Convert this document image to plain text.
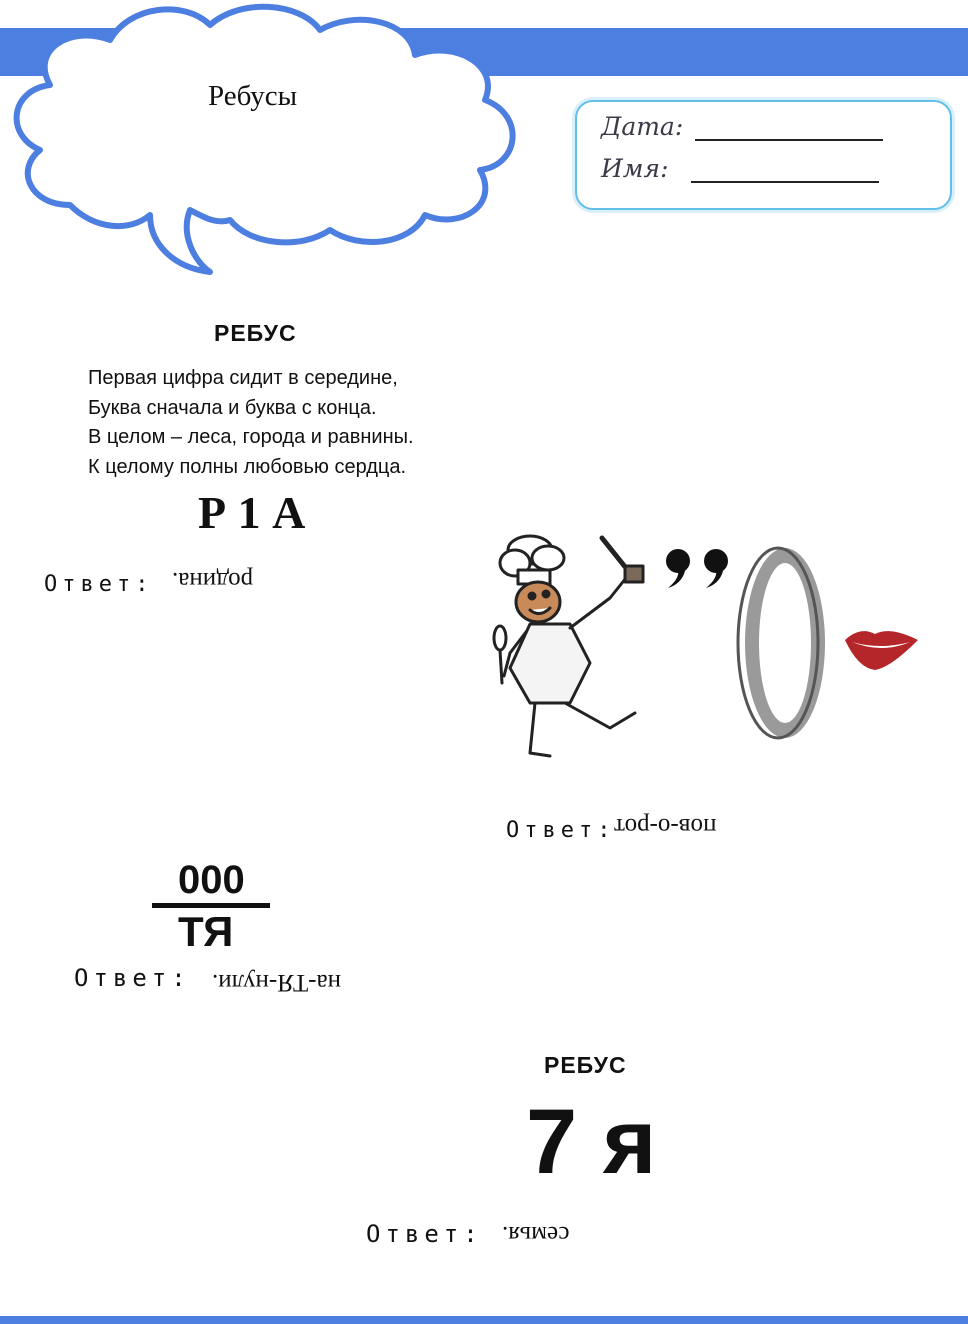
Ребусы
Дата:
Имя:
РЕБУС
Первая цифра сидит в середине,
Буква сначала и буква с конца.
В целом – леса, города и равнины.
К целому полны любовью сердца.
Р 1 А
Ответ: родина.
Ответ:
пов-о-рот
000
ТЯ
Ответ: на-ТЯ-нули.
РЕБУС
7 я
Ответ: семья.
